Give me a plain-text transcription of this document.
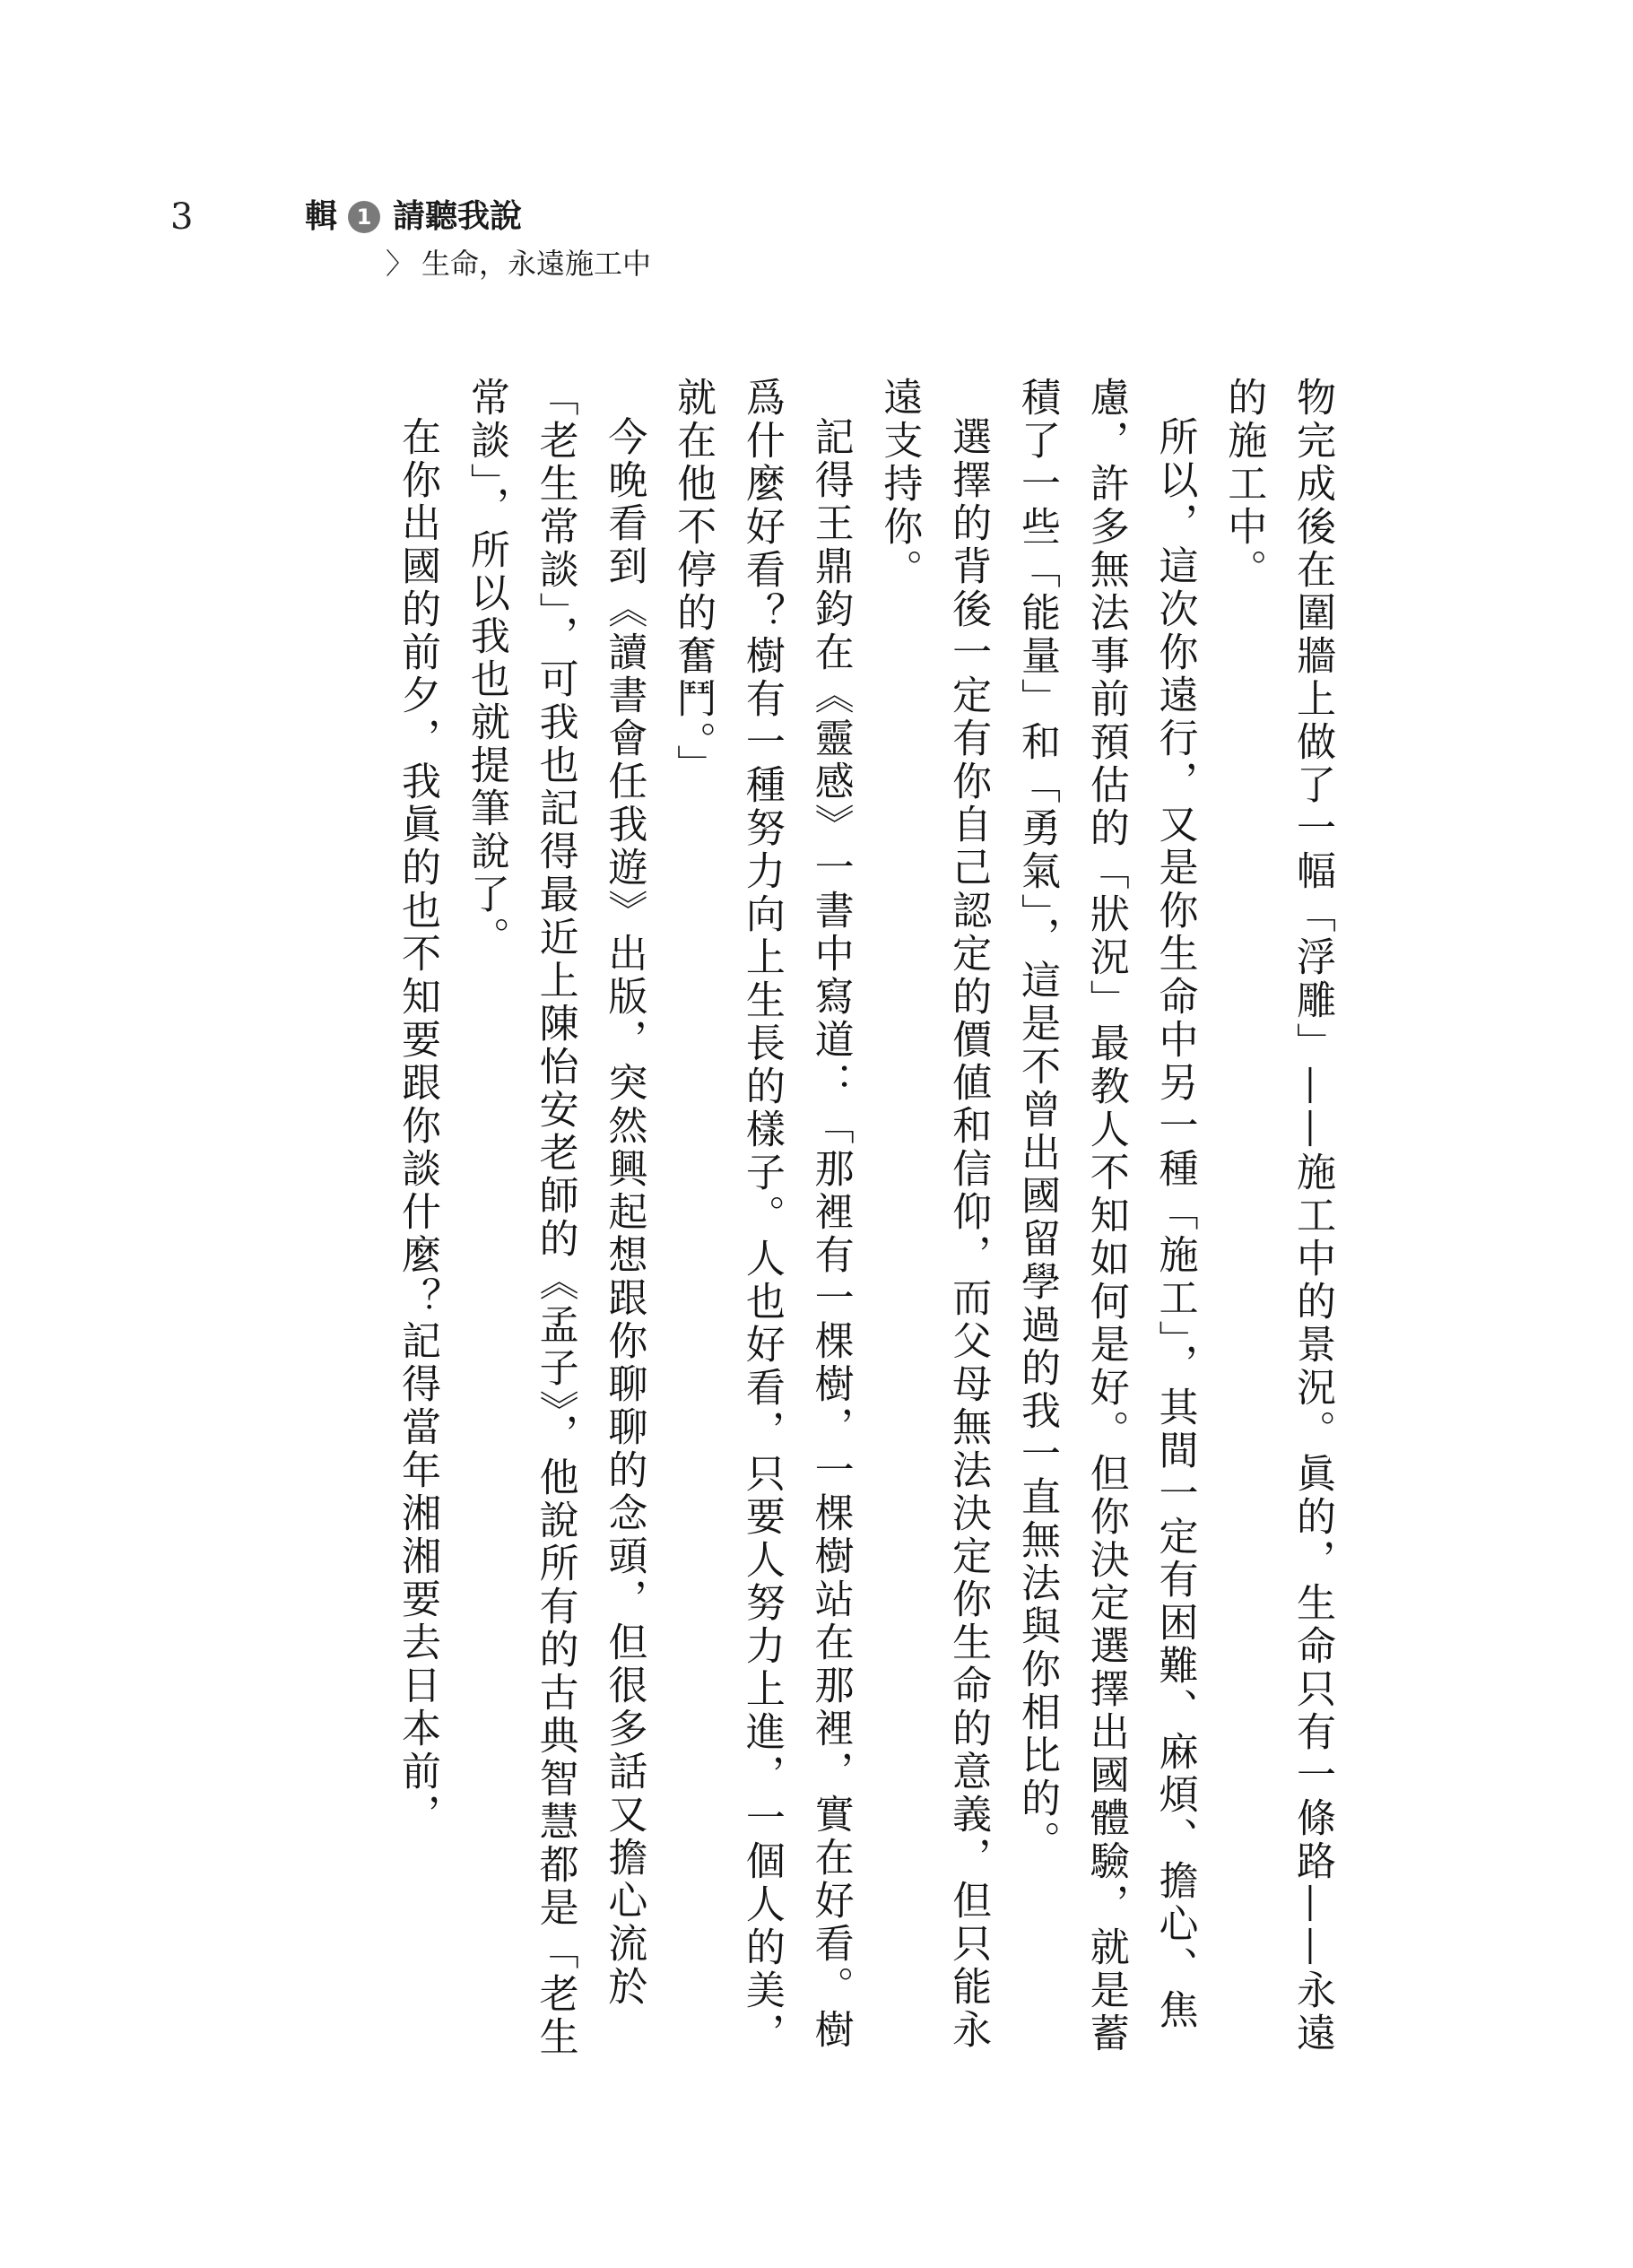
3	輯 1 請聽我說
〉 生命，永遠施工中

物完成後在圍牆上做了一幅「浮雕」——施工中的景況。眞的，生命只有一條路——永遠的施工中。

所以，這次你遠行，又是你生命中另一種「施工」，其間一定有困難、麻煩、擔心、焦慮，許多無法事前預估的「狀況」最教人不知如何是好。但你決定選擇出國體驗，就是蓄積了一些「能量」和「勇氣」，這是不曾出國留學過的我一直無法與你相比的。

選擇的背後一定有你自己認定的價値和信仰，而父母無法決定你生命的意義，但只能永遠支持你。

記得王鼎鈞在《靈感》一書中寫道：「那裡有一棵樹，一棵樹站在那裡，實在好看。樹爲什麼好看？樹有一種努力向上生長的樣子。人也好看，只要人努力上進，一個人的美，就在他不停的奮鬥。」

今晚看到《讀書會任我遊》出版，突然興起想跟你聊聊的念頭，但很多話又擔心流於「老生常談」，可我也記得最近上陳怡安老師的《孟子》，他說所有的古典智慧都是「老生常談」，所以我也就提筆說了。

在你出國的前夕，我眞的也不知要跟你談什麼？記得當年湘湘要去日本前，
